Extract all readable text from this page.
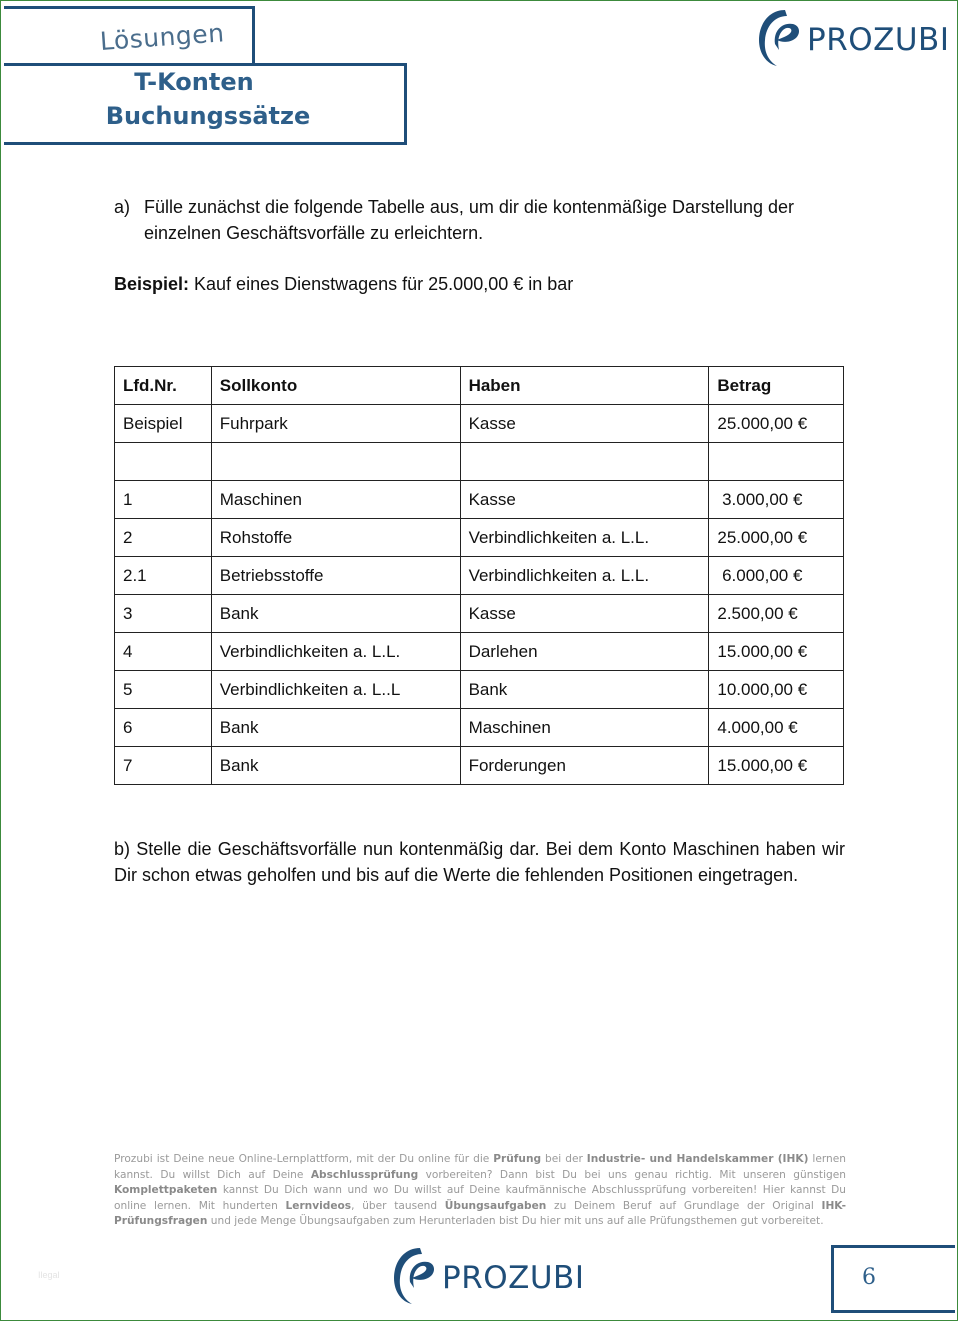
Lösungen
T-Konten
Buchungssätze
PROZUBI
a) Fülle zunächst die folgende Tabelle aus, um dir die kontenmäßige Darstellung der einzelnen Geschäftsvorfälle zu erleichtern.
Beispiel: Kauf eines Dienstwagens für 25.000,00 € in bar
Lfd.Nr.	Sollkonto	Haben	Betrag
Beispiel	Fuhrpark	Kasse	25.000,00 €

1	Maschinen	Kasse	3.000,00 €
2	Rohstoffe	Verbindlichkeiten a. L.L.	25.000,00 €
2.1	Betriebsstoffe	Verbindlichkeiten a. L.L.	6.000,00 €
3	Bank	Kasse	2.500,00 €
4	Verbindlichkeiten a. L.L.	Darlehen	15.000,00 €
5	Verbindlichkeiten a. L..L	Bank	10.000,00 €
6	Bank	Maschinen	4.000,00 €
7	Bank	Forderungen	15.000,00 €
b) Stelle die Geschäftsvorfälle nun kontenmäßig dar. Bei dem Konto Maschinen haben wir Dir schon etwas geholfen und bis auf die Werte die fehlenden Positionen eingetragen.
Prozubi ist Deine neue Online-Lernplattform, mit der Du online für die Prüfung bei der Industrie- und Handelskammer (IHK) lernen kannst. Du willst Dich auf Deine Abschlussprüfung vorbereiten? Dann bist Du bei uns genau richtig. Mit unseren günstigen Komplettpaketen kannst Du Dich wann und wo Du willst auf Deine kaufmännische Abschlussprüfung vorbereiten! Hier kannst Du online lernen. Mit hunderten Lernvideos, über tausend Übungsaufgaben zu Deinem Beruf auf Grundlage der Original IHK-Prüfungsfragen und jede Menge Übungsaufgaben zum Herunterladen bist Du hier mit uns auf alle Prüfungsthemen gut vorbereitet.
Ilegal	PROZUBI	6
